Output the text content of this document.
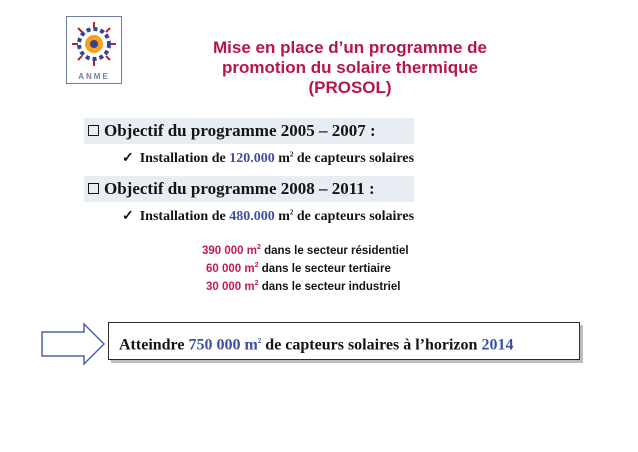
ANME
Mise en place d’un programme de
promotion du solaire thermique
(PROSOL)
Objectif du programme 2005 – 2007 :
✓ Installation de 120.000 $m^2$ de capteurs solaires
Objectif du programme 2008 – 2011 :
✓ Installation de 480.000 $m^2$ de capteurs solaires
390 000 $m^2$ dans le secteur résidentiel
60 000 $m^2$ dans le secteur tertiaire
30 000 $m^2$ dans le secteur industriel
Atteindre 750 000 $m^2$ de capteurs solaires à l’horizon 2014
